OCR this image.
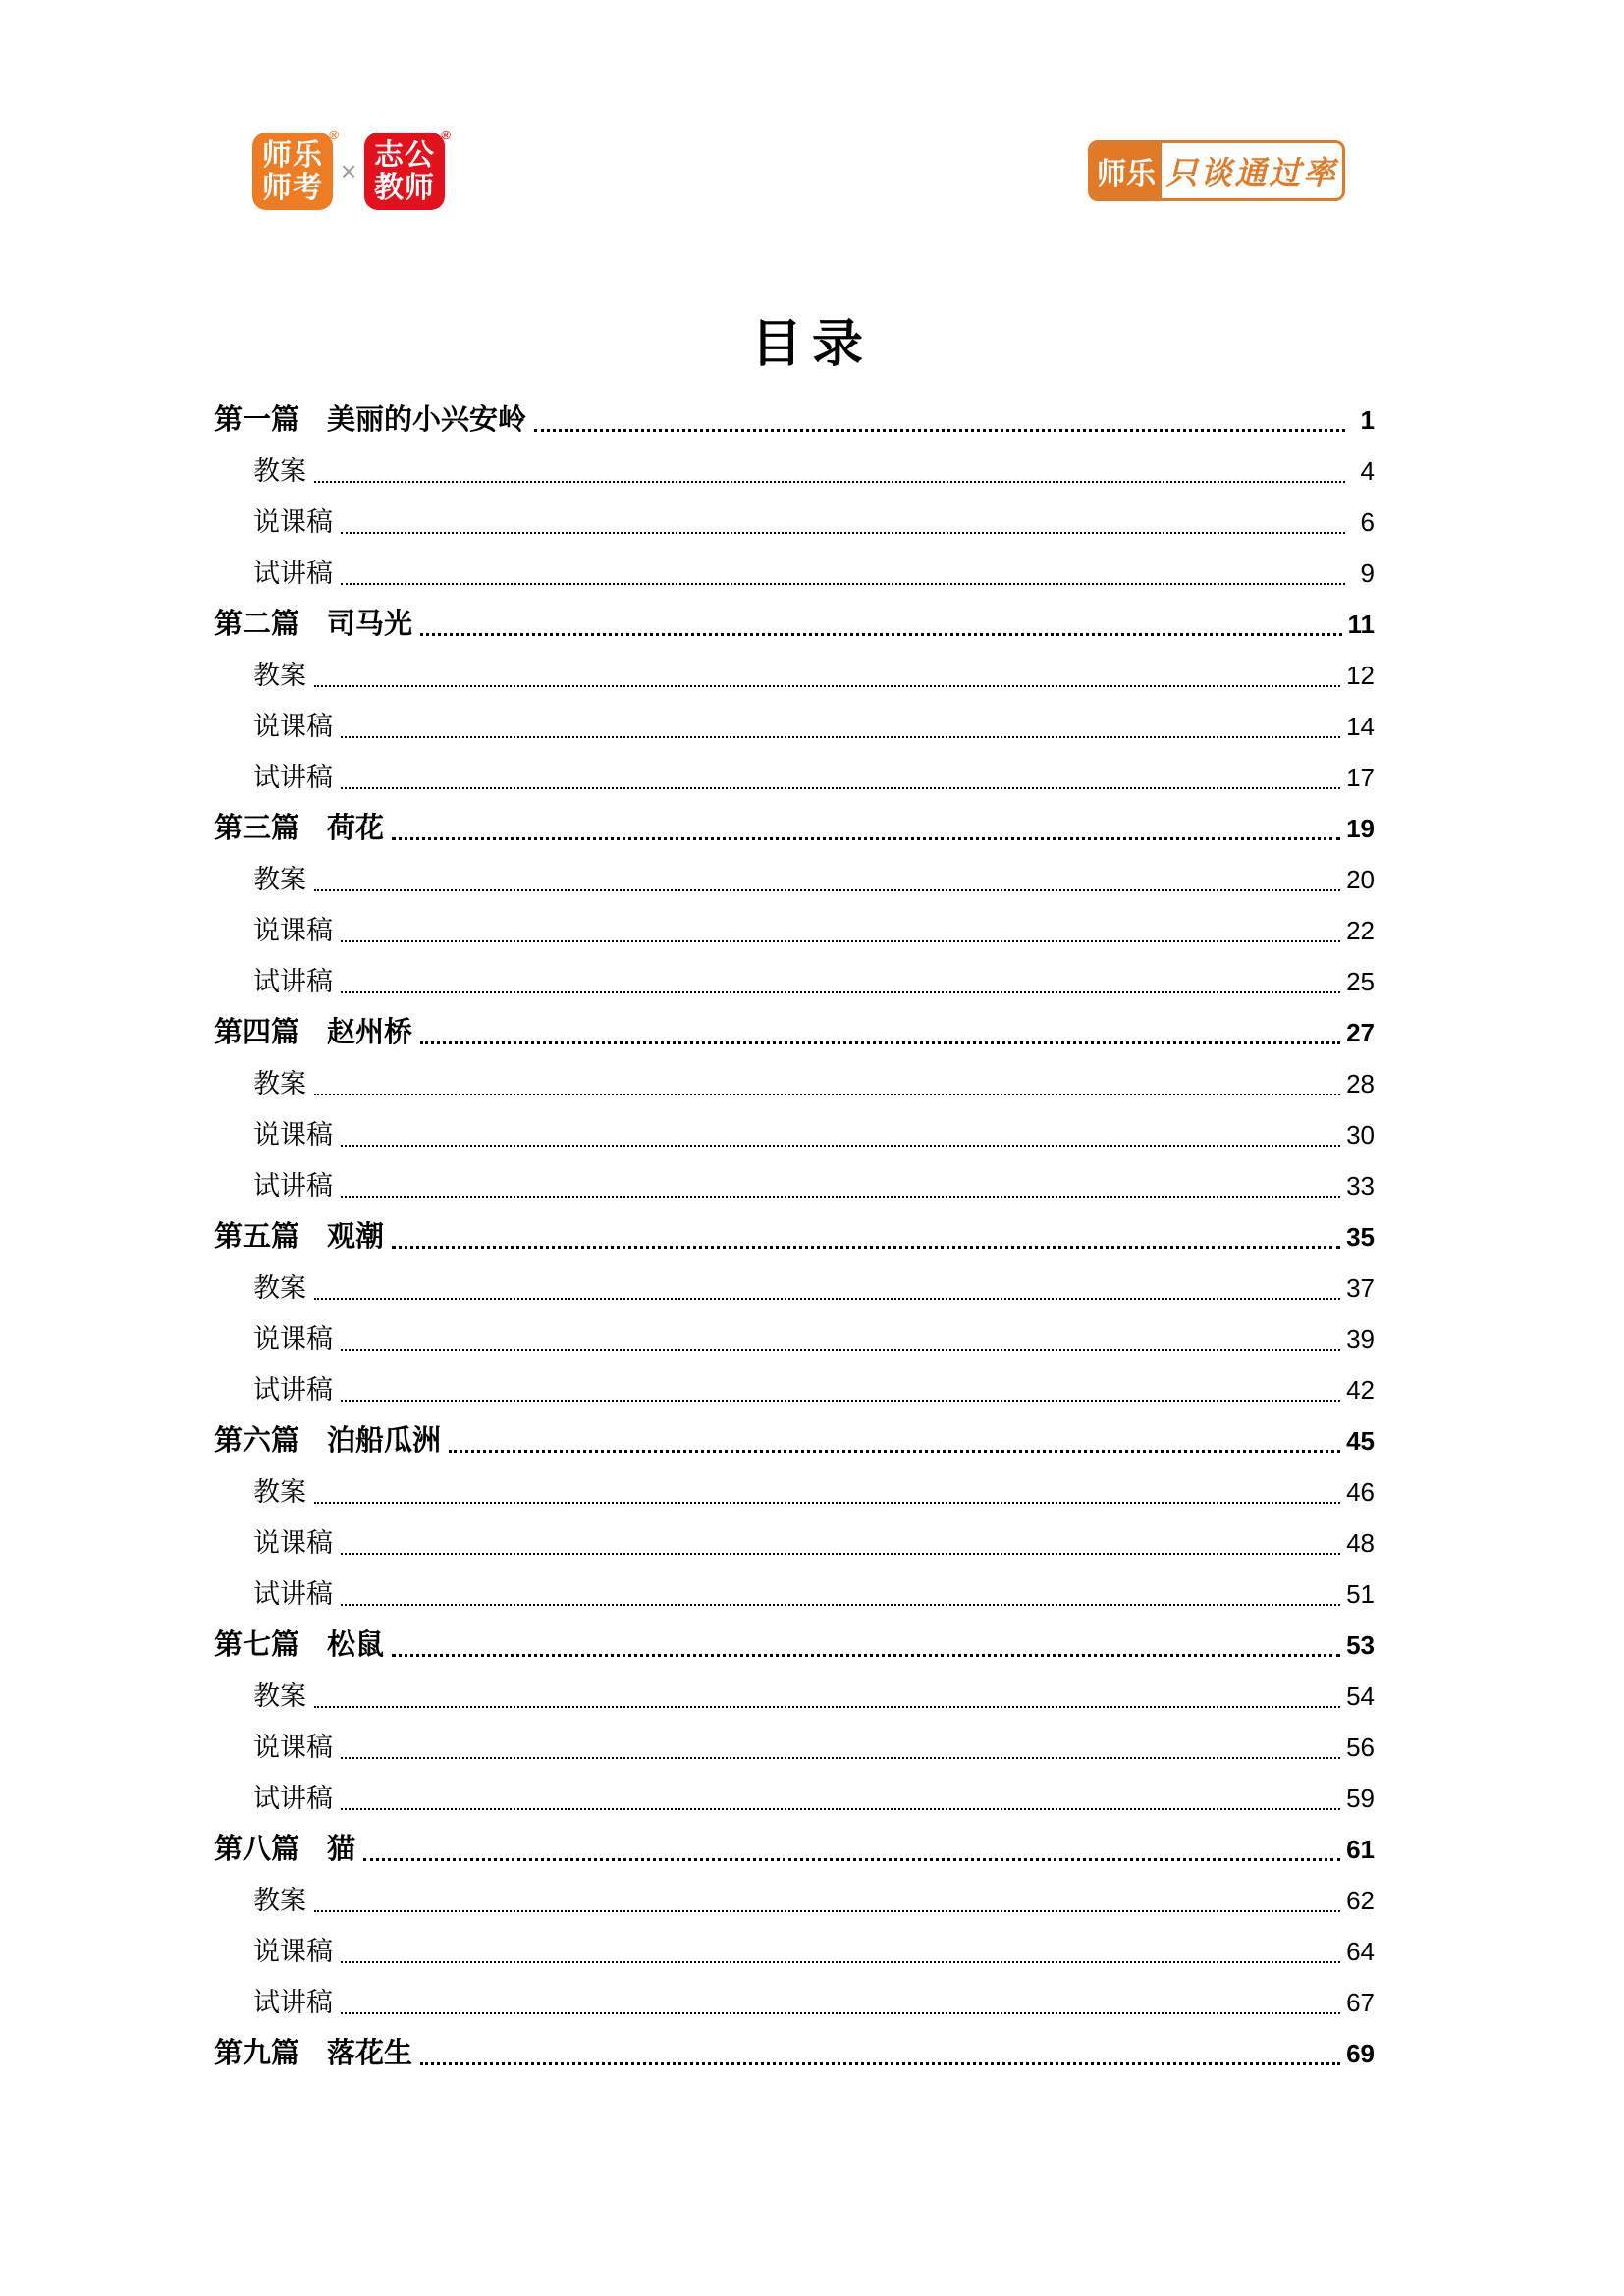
®
师乐
师考
×
®
志公
教师	师乐 只谈通过率
目录
第一篇 美丽的小兴安岭	1
教案	4
说课稿	6
试讲稿	9
第二篇 司马光	11
教案	12
说课稿	14
试讲稿	17
第三篇 荷花	19
教案	20
说课稿	22
试讲稿	25
第四篇 赵州桥	27
教案	28
说课稿	30
试讲稿	33
第五篇 观潮	35
教案	37
说课稿	39
试讲稿	42
第六篇 泊船瓜洲	45
教案	46
说课稿	48
试讲稿	51
第七篇 松鼠	53
教案	54
说课稿	56
试讲稿	59
第八篇 猫	61
教案	62
说课稿	64
试讲稿	67
第九篇 落花生	69
